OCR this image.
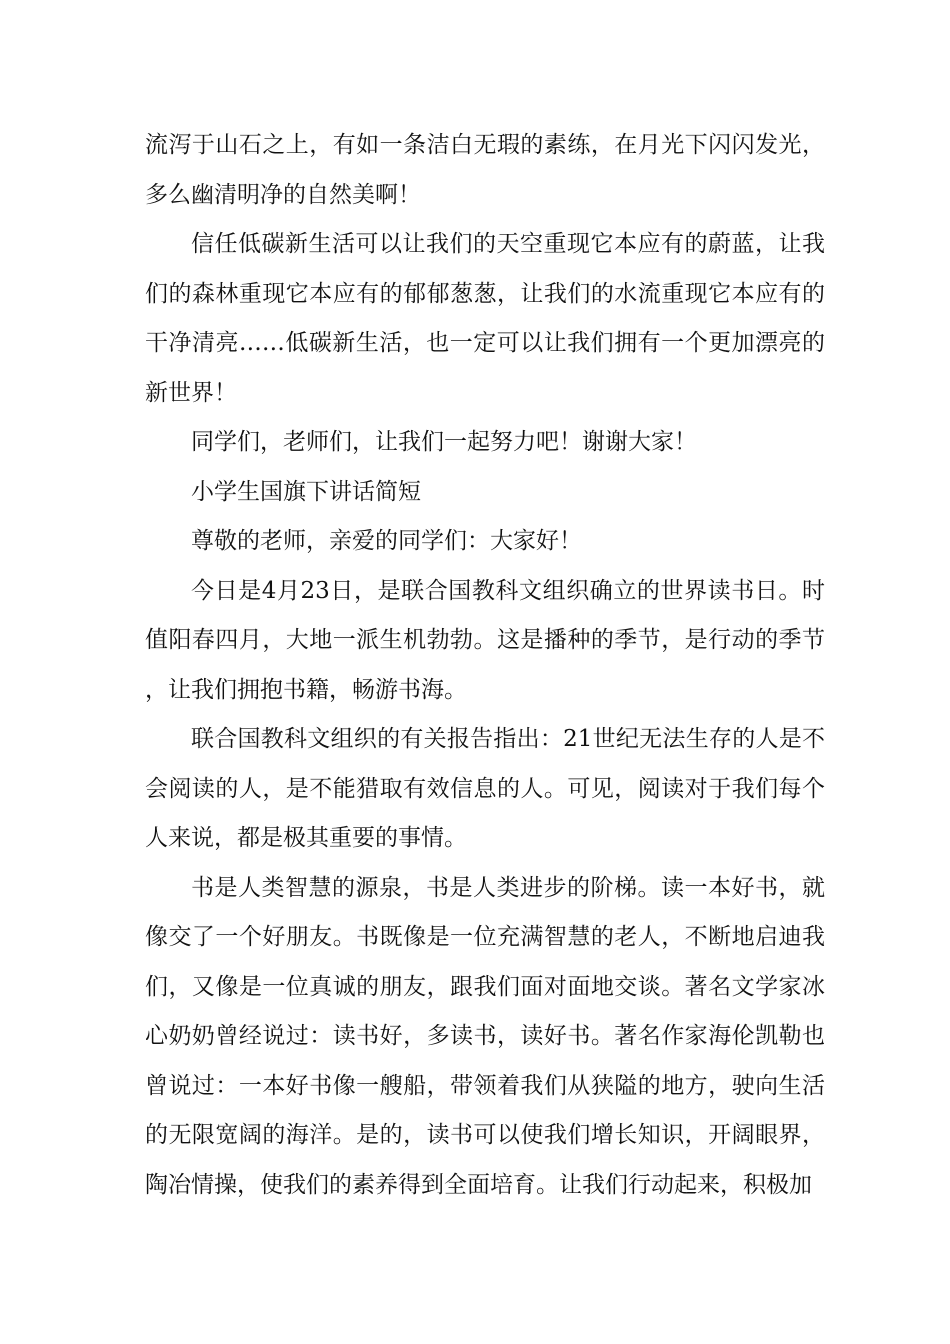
流泻于山石之上，有如一条洁白无瑕的素练，在月光下闪闪发光，多么幽清明净的自然美啊！

信任低碳新生活可以让我们的天空重现它本应有的蔚蓝，让我们的森林重现它本应有的郁郁葱葱，让我们的水流重现它本应有的干净清亮……低碳新生活，也一定可以让我们拥有一个更加漂亮的新世界！

同学们，老师们，让我们一起努力吧！谢谢大家！

小学生国旗下讲话简短

尊敬的老师，亲爱的同学们：大家好！

今日是4月23日，是联合国教科文组织确立的世界读书日。时值阳春四月，大地一派生机勃勃。这是播种的季节，是行动的季节，让我们拥抱书籍，畅游书海。

联合国教科文组织的有关报告指出：21世纪无法生存的人是不会阅读的人，是不能猎取有效信息的人。可见，阅读对于我们每个人来说，都是极其重要的事情。

书是人类智慧的源泉，书是人类进步的阶梯。读一本好书，就像交了一个好朋友。书既像是一位充满智慧的老人，不断地启迪我们，又像是一位真诚的朋友，跟我们面对面地交谈。著名文学家冰心奶奶曾经说过：读书好，多读书，读好书。著名作家海伦凯勒也曾说过：一本好书像一艘船，带领着我们从狭隘的地方，驶向生活的无限宽阔的海洋。是的，读书可以使我们增长知识，开阔眼界，陶冶情操，使我们的素养得到全面培育。让我们行动起来，积极加
